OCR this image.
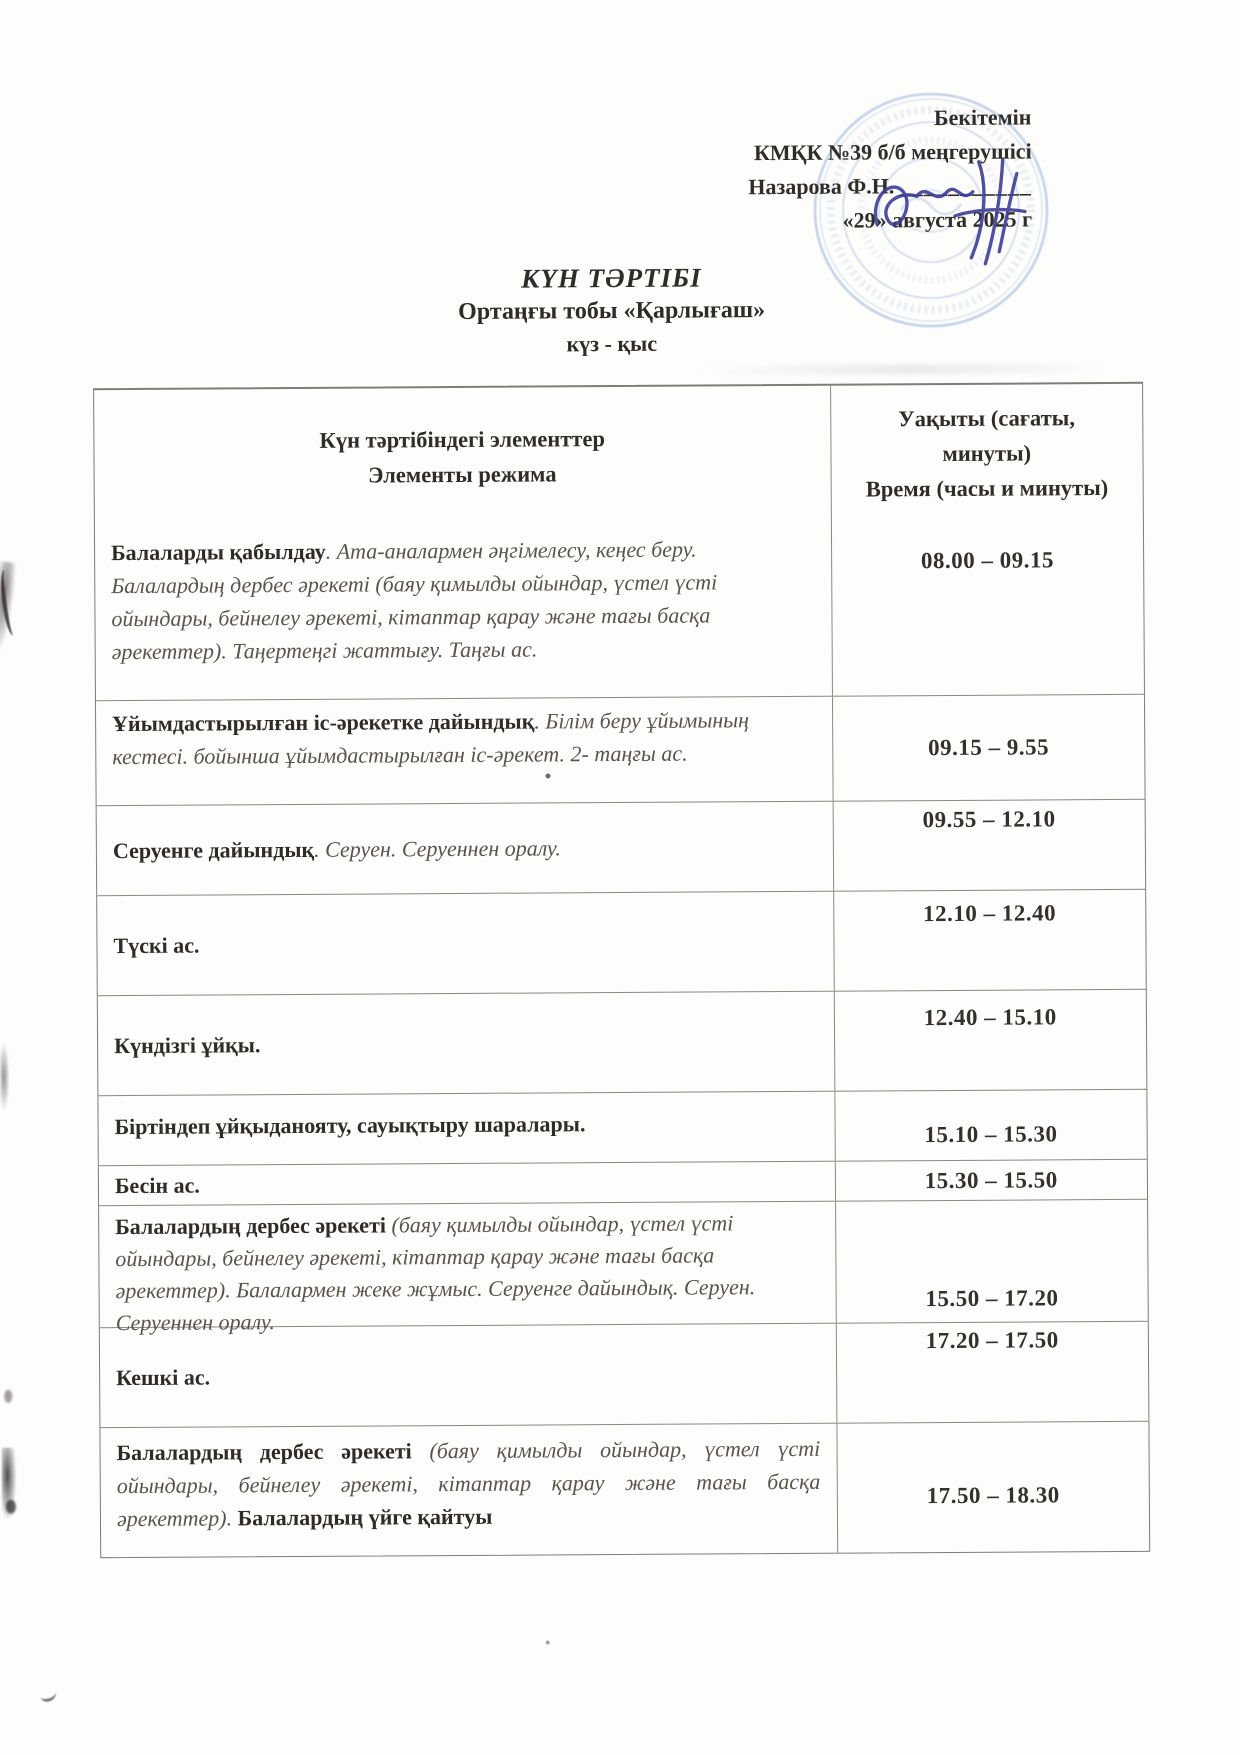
Бекітемін
КМҚК №39 б/б меңгерушісі
Назарова Ф.Н. ___________
«29» августа 2025 г
КҮН ТӘРТІБІ
Ортаңғы тобы «Қарлығаш»
күз - қыс
Күн тәртібіндегі элементтер
Элементы режима
Уақыты (сағаты,
минуты)
Время (часы и минуты)

Балаларды қабылдау. Ата-аналармен әңгімелесу, кеңес беру. Балалардың дербес әрекеті (баяу қимылды ойындар, үстел үсті ойындары, бейнелеу әрекеті, кітаптар қарау және тағы басқа әрекеттер). Таңертеңгі жаттығу. Таңғы ас.

08.00 – 09.15

Ұйымдастырылған іс-әрекетке дайындық. Білім беру ұйымының кестесі. бойынша ұйымдастырылған іс-әрекет. 2- таңғы ас.	09.15 – 9.55

Серуенге дайындық. Серуен. Серуеннен оралу.

09.55 – 12.10

Түскі ас.

12.10 – 12.40

Күндізгі ұйқы.

12.40 – 15.10

Біртіндеп ұйқыданояту, сауықтыру шаралары.	15.10 – 15.30

Бесін ас.	15.30 – 15.50

Балалардың дербес әрекеті (баяу қимылды ойындар, үстел үсті ойындары, бейнелеу әрекеті, кітаптар қарау және тағы басқа әрекеттер). Балалармен жеке жұмыс. Серуенге дайындық. Серуен. Серуеннен оралу.

15.50 – 17.20

Кешкі ас.

17.20 – 17.50

Балалардың дербес әрекеті (баяу қимылды ойындар, үстел үсті ойындары, бейнелеу әрекеті, кітаптар қарау және тағы басқа әрекеттер). Балалардың үйге қайтуы

17.50 – 18.30
